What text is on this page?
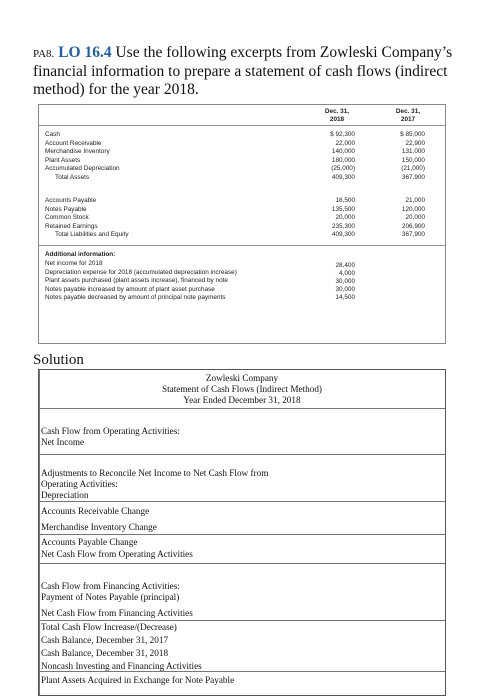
PA8. LO 16.4 Use the following excerpts from Zowleski Company’s financial information to prepare a statement of cash flows (indirect method) for the year 2018.
Dec. 31,
2018
Dec. 31,
2017
Cash	$ 92,300	$ 85,000
Account Receivable	22,000	22,900
Merchandise Inventory	140,000	131,000
Plant Assets	180,000	150,000
Accumulated Depreciation	(25,000)	(21,000)
Total Assets	409,300	367,900
Accounts Payable	18,500	21,000
Notes Payable	135,500	120,000
Common Stock	20,000	20,000
Retained Earnings	235,300	206,900
Total Liabilities and Equity	409,300	367,900
Additional information:
Net income for 2018	28,400
Depreciation expense for 2018 (accumulated depreciation increase)	4,000
Plant assets purchased (plant assets increase), financed by note	30,000
Notes payable increased by amount of plant asset purchase	30,000
Notes payable decreased by amount of principal note payments	14,500
Solution
Zowleski Company
Statement of Cash Flows (Indirect Method)
Year Ended December 31, 2018
Cash Flow from Operating Activities:
Net Income
Adjustments to Reconcile Net Income to Net Cash Flow from
Operating Activities:
Depreciation
Accounts Receivable Change
Merchandise Inventory Change
Accounts Payable Change
Net Cash Flow from Operating Activities
Cash Flow from Financing Activities:
Payment of Notes Payable (principal)
Net Cash Flow from Financing Activities
Total Cash Flow Increase/(Decrease)
Cash Balance, December 31, 2017
Cash Balance, December 31, 2018
Noncash Investing and Financing Activities
Plant Assets Acquired in Exchange for Note Payable
